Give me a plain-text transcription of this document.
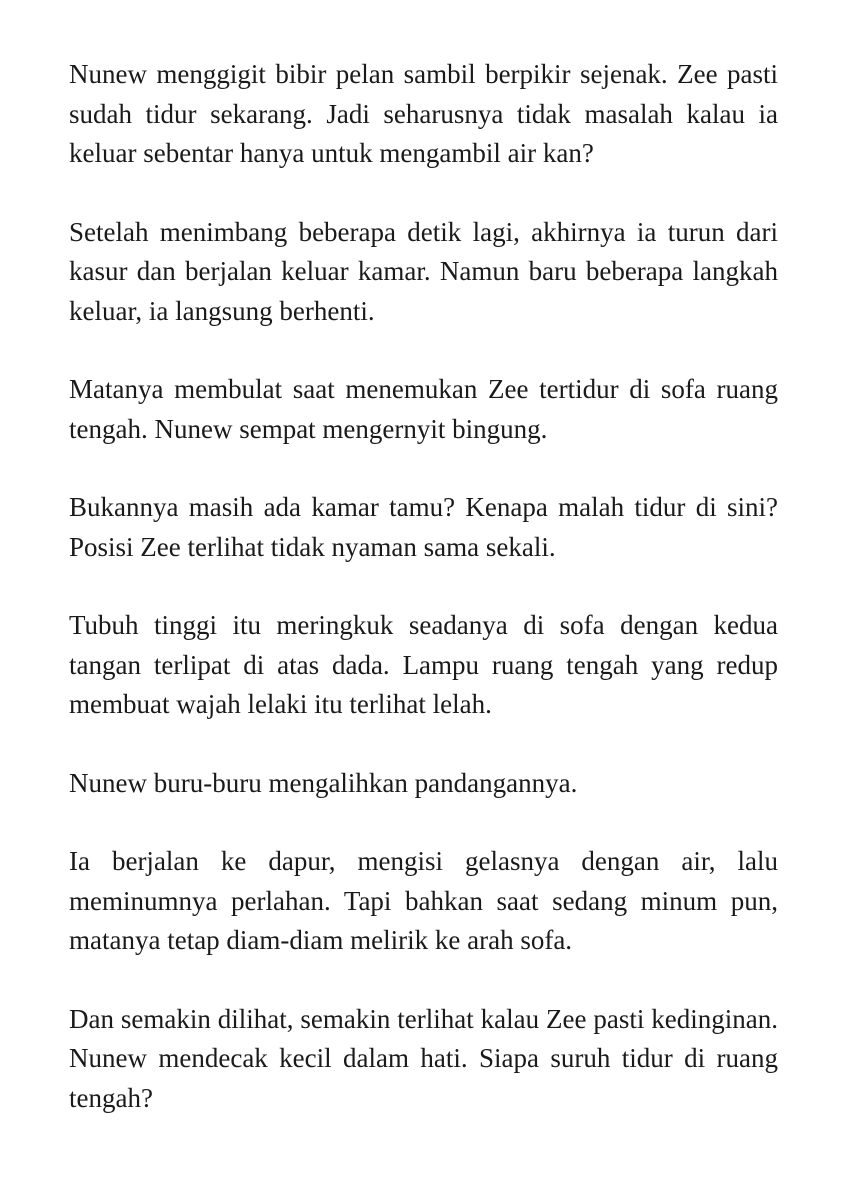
Nunew menggigit bibir pelan sambil berpikir sejenak. Zee pasti sudah tidur sekarang. Jadi seharusnya tidak masalah kalau ia keluar sebentar hanya untuk mengambil air kan?

Setelah menimbang beberapa detik lagi, akhirnya ia turun dari kasur dan berjalan keluar kamar. Namun baru beberapa langkah keluar, ia langsung berhenti.

Matanya membulat saat menemukan Zee tertidur di sofa ruang tengah. Nunew sempat mengernyit bingung.

Bukannya masih ada kamar tamu? Kenapa malah tidur di sini? Posisi Zee terlihat tidak nyaman sama sekali.

Tubuh tinggi itu meringkuk seadanya di sofa dengan kedua tangan terlipat di atas dada. Lampu ruang tengah yang redup membuat wajah lelaki itu terlihat lelah.

Nunew buru-buru mengalihkan pandangannya.

Ia berjalan ke dapur, mengisi gelasnya dengan air, lalu meminumnya perlahan. Tapi bahkan saat sedang minum pun, matanya tetap diam-diam melirik ke arah sofa.

Dan semakin dilihat, semakin terlihat kalau Zee pasti kedinginan. Nunew mendecak kecil dalam hati. Siapa suruh tidur di ruang tengah?
